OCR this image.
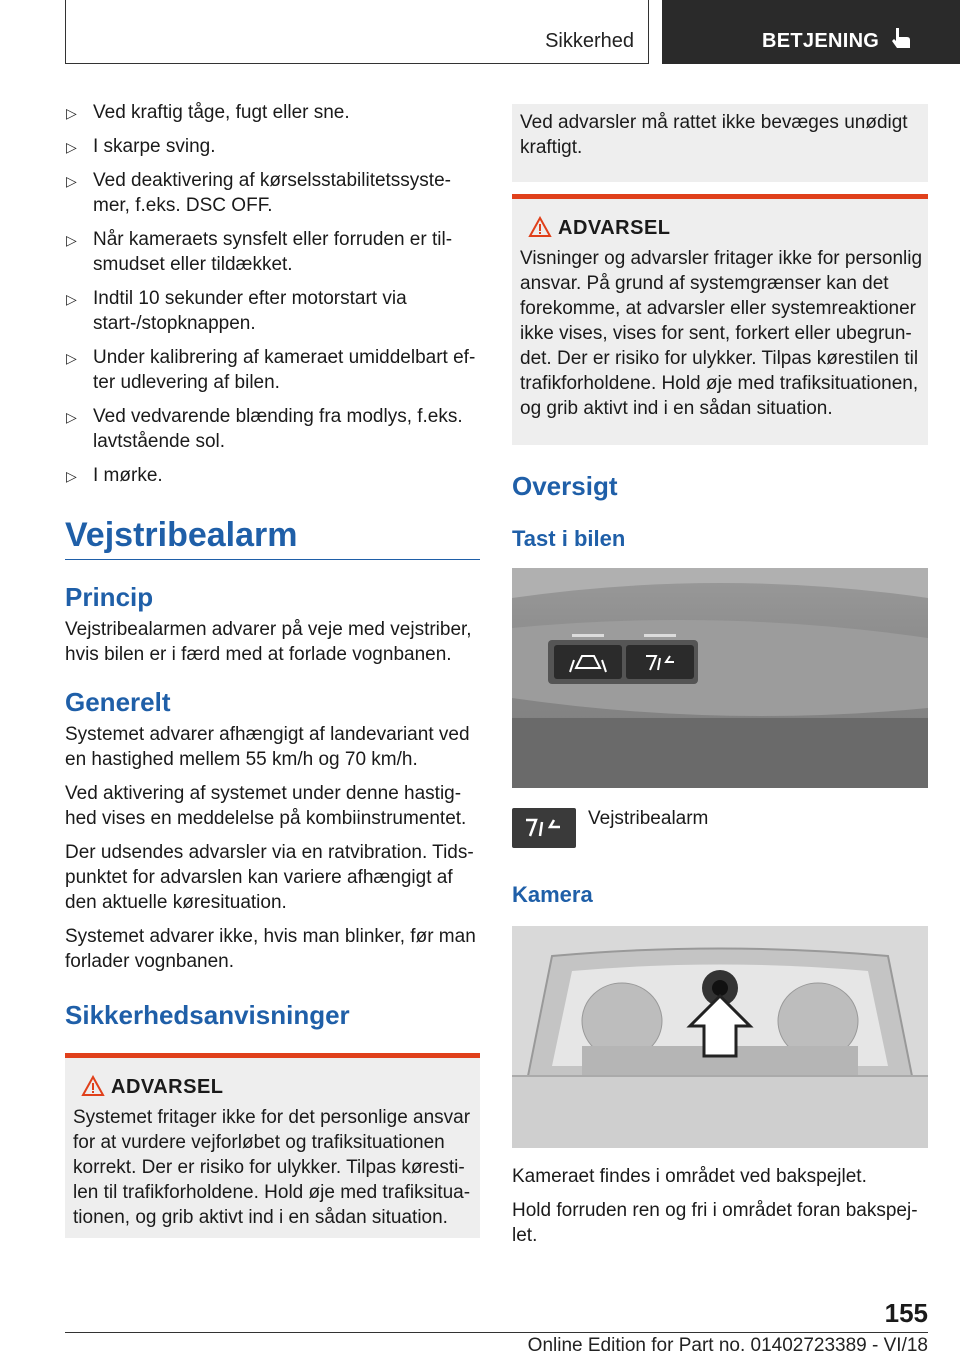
Sikkerhed	BETJENING
▷ Ved kraftig tåge, fugt eller sne.
▷ I skarpe sving.
▷ Ved deaktivering af kørselsstabilitetssyste-mer, f.eks. DSC OFF.
▷ Når kameraets synsfelt eller forruden er til-smudset eller tildækket.
▷ Indtil 10 sekunder efter motorstart via start-/stopknappen.
▷ Under kalibrering af kameraet umiddelbart ef-ter udlevering af bilen.
▷ Ved vedvarende blænding fra modlys, f.eks. lavtstående sol.
▷ I mørke.
Vejstribealarm
Princip

Vejstribealarmen advarer på veje med vejstriber, hvis bilen er i færd med at forlade vognbanen.

Generelt

Systemet advarer afhængigt af landevariant ved en hastighed mellem 55 km/h og 70 km/h.

Ved aktivering af systemet under denne hastig-hed vises en meddelelse på kombiinstrumentet.

Der udsendes advarsler via en ratvibration. Tids-punktet for advarslen kan variere afhængigt af den aktuelle køresituation.

Systemet advarer ikke, hvis man blinker, før man forlader vognbanen.

Sikkerhedsanvisninger
ADVARSEL

Systemet fritager ikke for det personlige ansvar for at vurdere vejforløbet og trafiksituationen korrekt. Der er risiko for ulykker. Tilpas køresti-len til trafikforholdene. Hold øje med trafiksitua-tionen, og grib aktivt ind i en sådan situation.

Ved advarsler må rattet ikke bevæges unødigt kraftigt.

ADVARSEL

Visninger og advarsler fritager ikke for personlig ansvar. På grund af systemgrænser kan det forekomme, at advarsler eller systemreaktioner ikke vises, vises for sent, forkert eller ubegrun-det. Der er risiko for ulykker. Tilpas kørestilen til trafikforholdene. Hold øje med trafiksituationen, og grib aktivt ind i en sådan situation.

Oversigt
Tast i bilen
Vejstribealarm
Kamera

Kameraet findes i området ved bakspejlet.

Hold forruden ren og fri i området foran bakspej-let.

155
Online Edition for Part no. 01402723389 - VI/18
